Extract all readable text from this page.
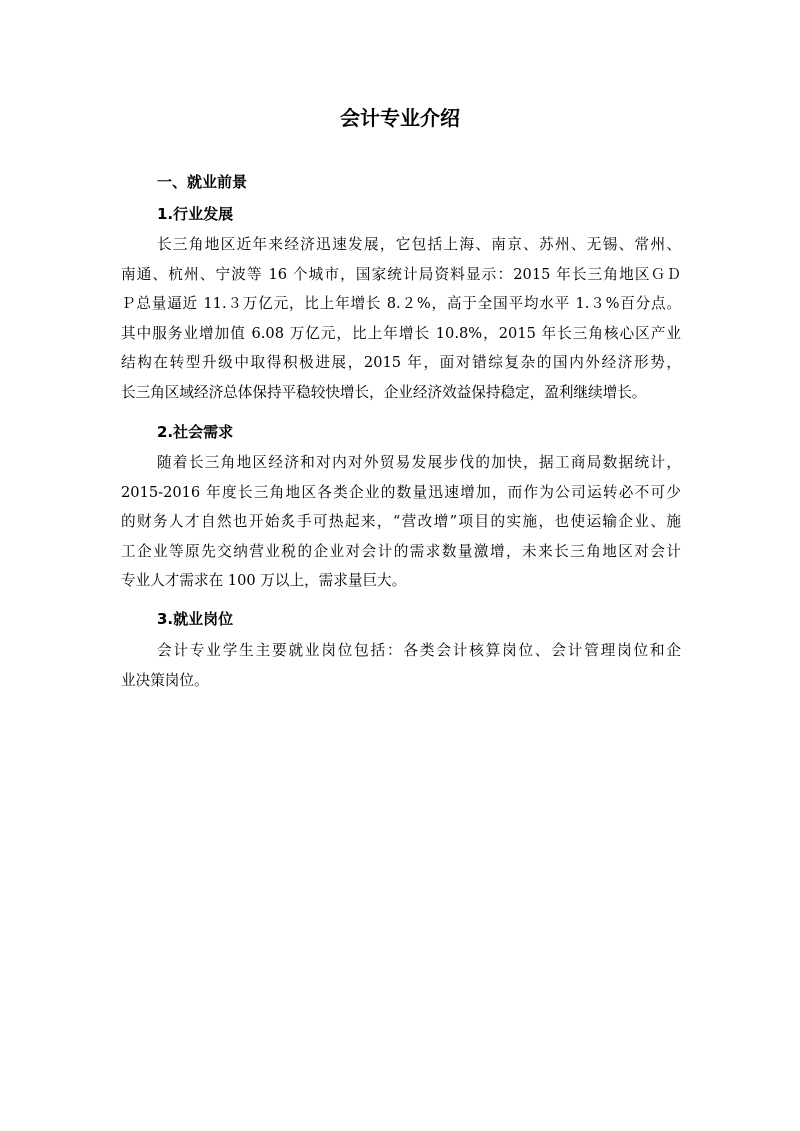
会计专业介绍
一、就业前景
1.行业发展
长三角地区近年来经济迅速发展，它包括上海、南京、苏州、无锡、常州、
南通、杭州、宁波等 16 个城市，国家统计局资料显示：2015 年长三角地区ＧＤ
Ｐ总量逼近 11.３万亿元，比上年增长 8.２%，高于全国平均水平 1.３%百分点。
其中服务业增加值 6.08 万亿元，比上年增长 10.8%，2015 年长三角核心区产业
结构在转型升级中取得积极进展，2015 年，面对错综复杂的国内外经济形势，
长三角区域经济总体保持平稳较快增长，企业经济效益保持稳定，盈利继续增长。
2.社会需求
随着长三角地区经济和对内对外贸易发展步伐的加快，据工商局数据统计，
2015-2016 年度长三角地区各类企业的数量迅速增加，而作为公司运转必不可少
的财务人才自然也开始炙手可热起来，“营改增”项目的实施，也使运输企业、施
工企业等原先交纳营业税的企业对会计的需求数量激增，未来长三角地区对会计
专业人才需求在 100 万以上，需求量巨大。
3.就业岗位
会计专业学生主要就业岗位包括：各类会计核算岗位、会计管理岗位和企
业决策岗位。
